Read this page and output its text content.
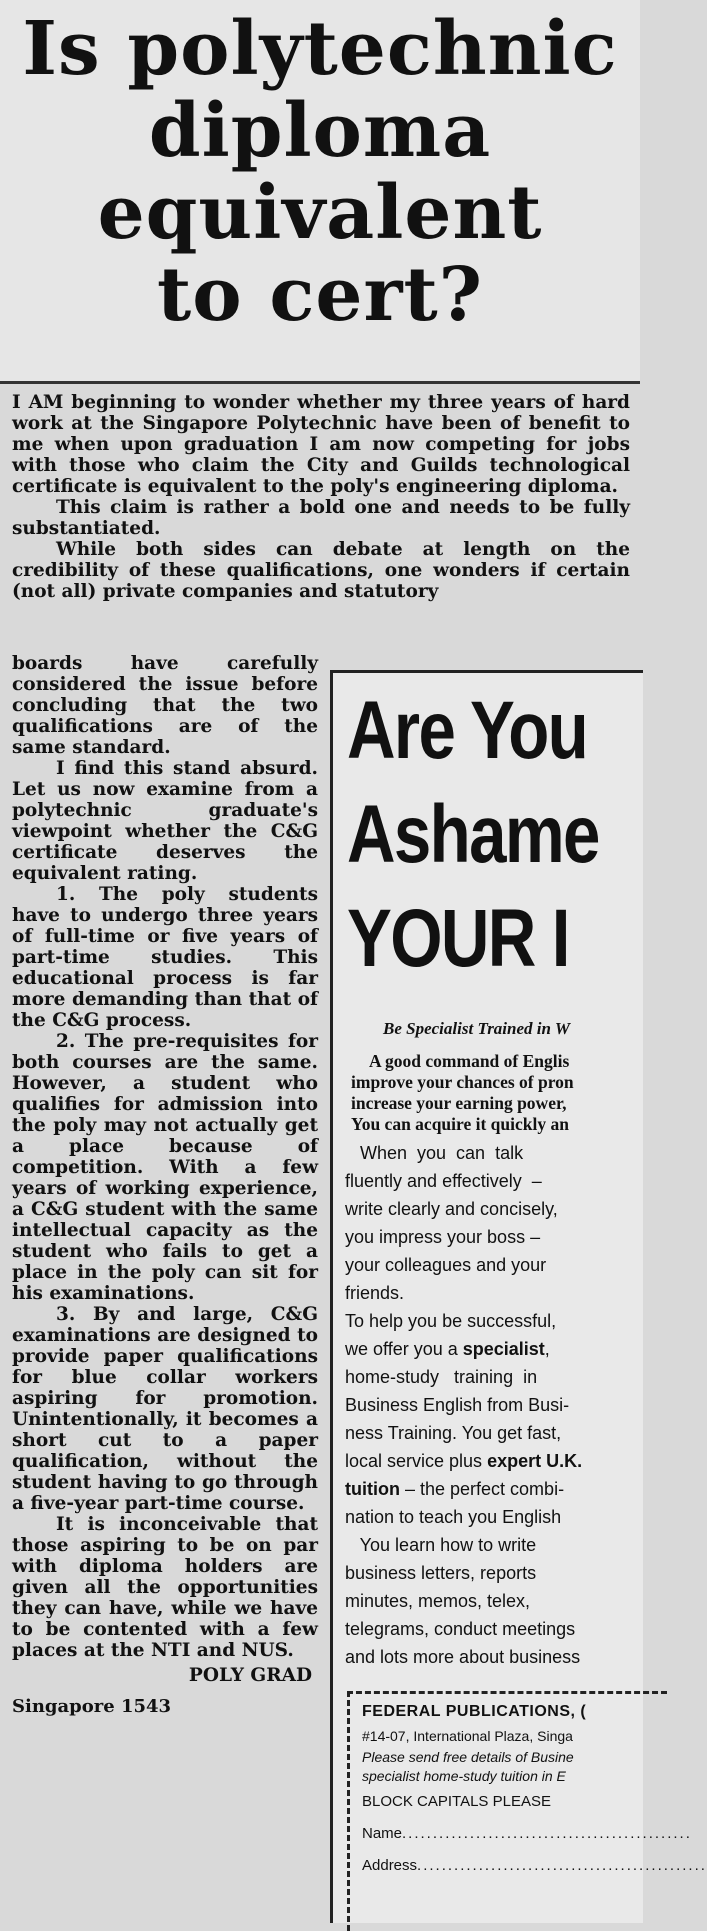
Is polytechnic
diploma
equivalent
to cert?

I AM beginning to wonder whether my three years of hard work at the Singapore Polytechnic have been of benefit to me when upon graduation I am now competing for jobs with those who claim the City and Guilds technological certificate is equivalent to the poly's engineering diploma.

This claim is rather a bold one and needs to be fully substantiated.

While both sides can debate at length on the credibility of these qualifications, one wonders if certain (not all) private companies and statutory

boards have carefully considered the issue before concluding that the two qualifications are of the same standard.

I find this stand absurd. Let us now examine from a polytechnic graduate's viewpoint whether the C&G certificate deserves the equivalent rating.

1. The poly students have to undergo three years of full-time or five years of part-time studies. This educational process is far more demanding than that of the C&G process.

2. The pre-requisites for both courses are the same. However, a student who qualifies for admission into the poly may not actually get a place because of competition. With a few years of working experience, a C&G student with the same intellectual capacity as the student who fails to get a place in the poly can sit for his examinations.

3. By and large, C&G examinations are designed to provide paper qualifications for blue collar workers aspiring for promotion. Unintentionally, it becomes a short cut to a paper qualification, without the student having to go through a five-year part-time course.

It is inconceivable that those aspiring to be on par with diploma holders are given all the opportunities they can have, while we have to be contented with a few places at the NTI and NUS.

POLY GRAD
Singapore 1543
Are You
Ashame
YOUR I
Be Specialist Trained in W
A good command of Englis
improve your chances of pron
increase your earning power,
You can acquire it quickly an
When  you  can  talk
fluently and effectively  –
write clearly and concisely,
you impress your boss –
your colleagues and your
friends.
To help you be successful,
we offer you a specialist,
home-study   training  in
Business English from Busi-
ness Training. You get fast,
local service plus expert U.K.
tuition – the perfect combi-
nation to teach you English
You learn how to write
business letters, reports
minutes, memos, telex,
telegrams, conduct meetings
and lots more about business
FEDERAL PUBLICATIONS, (
#14-07, International Plaza, Singa
Please send free details of Busine
specialist home-study tuition in E
BLOCK CAPITALS PLEASE
Name...............................................
Address...............................................
